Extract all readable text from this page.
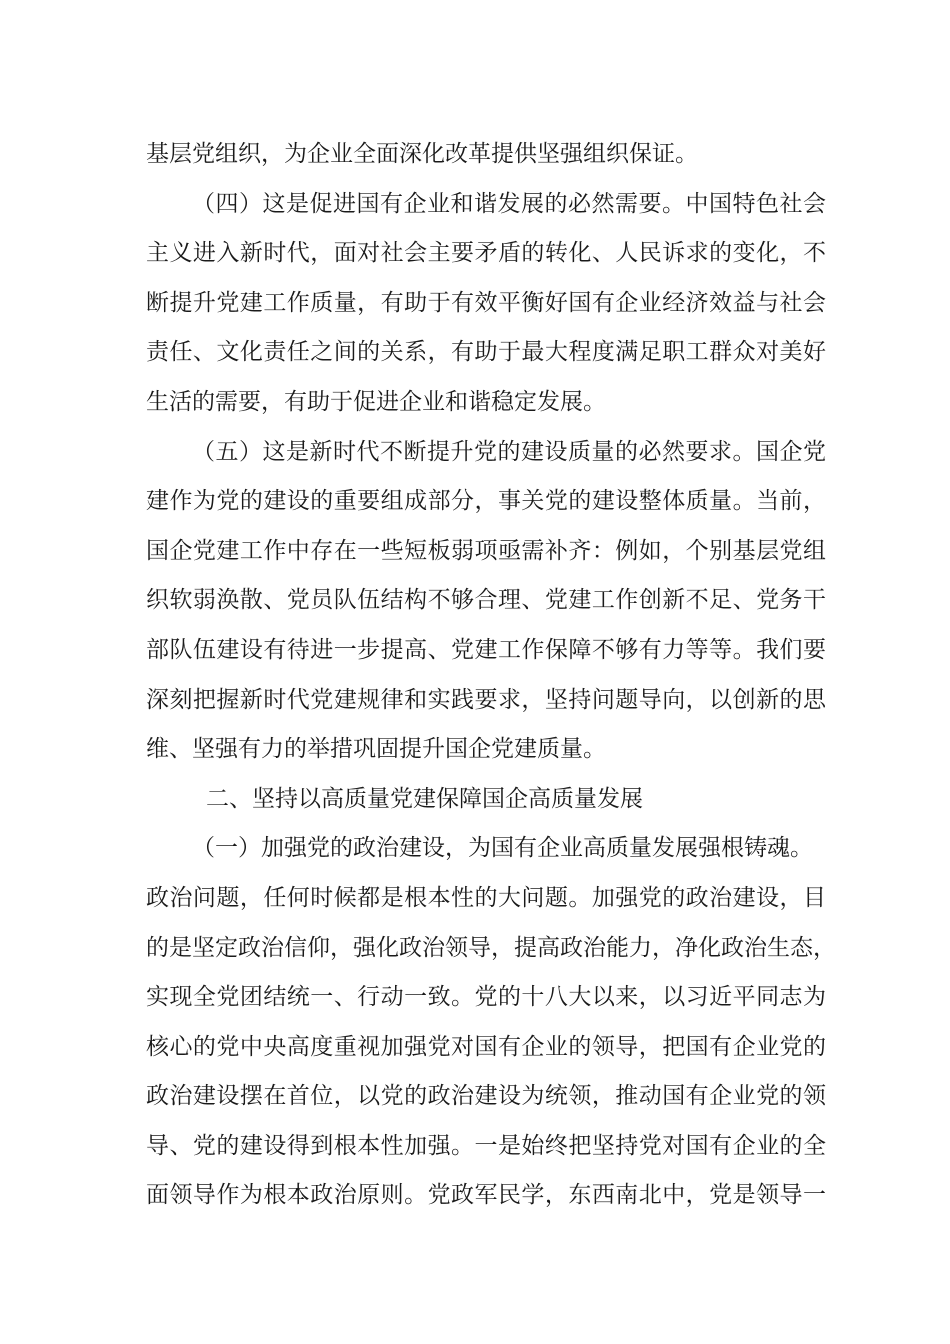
基层党组织，为企业全面深化改革提供坚强组织保证。
（四）这是促进国有企业和谐发展的必然需要。中国特色社会
主义进入新时代，面对社会主要矛盾的转化、人民诉求的变化，不
断提升党建工作质量，有助于有效平衡好国有企业经济效益与社会
责任、文化责任之间的关系，有助于最大程度满足职工群众对美好
生活的需要，有助于促进企业和谐稳定发展。
（五）这是新时代不断提升党的建设质量的必然要求。国企党
建作为党的建设的重要组成部分，事关党的建设整体质量。当前，
国企党建工作中存在一些短板弱项亟需补齐：例如，个别基层党组
织软弱涣散、党员队伍结构不够合理、党建工作创新不足、党务干
部队伍建设有待进一步提高、党建工作保障不够有力等等。我们要
深刻把握新时代党建规律和实践要求，坚持问题导向，以创新的思
维、坚强有力的举措巩固提升国企党建质量。
二、坚持以高质量党建保障国企高质量发展
（一）加强党的政治建设，为国有企业高质量发展强根铸魂。
政治问题，任何时候都是根本性的大问题。加强党的政治建设，目
的是坚定政治信仰，强化政治领导，提高政治能力，净化政治生态，
实现全党团结统一、行动一致。党的十八大以来，以习近平同志为
核心的党中央高度重视加强党对国有企业的领导，把国有企业党的
政治建设摆在首位，以党的政治建设为统领，推动国有企业党的领
导、党的建设得到根本性加强。一是始终把坚持党对国有企业的全
面领导作为根本政治原则。党政军民学，东西南北中，党是领导一
